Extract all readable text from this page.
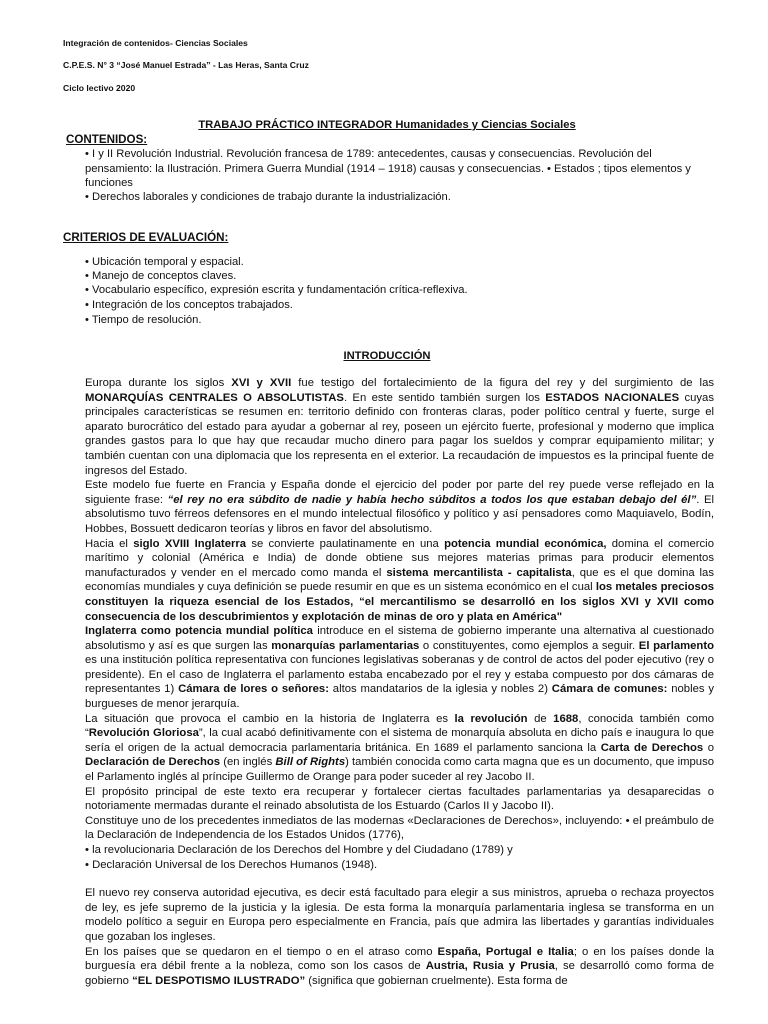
Integración de contenidos- Ciencias Sociales
C.P.E.S. N° 3 “José Manuel Estrada” - Las Heras, Santa Cruz
Ciclo lectivo 2020
TRABAJO PRÁCTICO INTEGRADOR Humanidades y Ciencias Sociales
CONTENIDOS:
• I y II Revolución Industrial. Revolución francesa de 1789: antecedentes, causas y consecuencias. Revolución del pensamiento: la Ilustración. Primera Guerra Mundial (1914 – 1918) causas y consecuencias. • Estados ; tipos elementos y funciones
• Derechos laborales y condiciones de trabajo durante la industrialización.
CRITERIOS DE EVALUACIÓN:
• Ubicación temporal y espacial.
• Manejo de conceptos claves.
• Vocabulario específico, expresión escrita y fundamentación crítica-reflexiva.
• Integración de los conceptos trabajados.
• Tiempo de resolución.
INTRODUCCIÓN

Europa durante los siglos XVI y XVII fue testigo del fortalecimiento de la figura del rey y del surgimiento de las MONARQUÍAS CENTRALES O ABSOLUTISTAS. En este sentido también surgen los ESTADOS NACIONALES cuyas principales características se resumen en: territorio definido con fronteras claras, poder político central y fuerte, surge el aparato burocrático del estado para ayudar a gobernar al rey, poseen un ejército fuerte, profesional y moderno que implica grandes gastos para lo que hay que recaudar mucho dinero para pagar los sueldos y comprar equipamiento militar; y también cuentan con una diplomacia que los representa en el exterior. La recaudación de impuestos es la principal fuente de ingresos del Estado.

Este modelo fue fuerte en Francia y España donde el ejercicio del poder por parte del rey puede verse reflejado en la siguiente frase: “el rey no era súbdito de nadie y había hecho súbditos a todos los que estaban debajo del él”. El absolutismo tuvo férreos defensores en el mundo intelectual filosófico y político y así pensadores como Maquiavelo, Bodín, Hobbes, Bossuett dedicaron teorías y libros en favor del absolutismo.

Hacia el siglo XVIII Inglaterra se convierte paulatinamente en una potencia mundial económica, domina el comercio marítimo y colonial (América e India) de donde obtiene sus mejores materias primas para producir elementos manufacturados y vender en el mercado como manda el sistema mercantilista - capitalista, que es el que domina las economías mundiales y cuya definición se puede resumir en que es un sistema económico en el cual los metales preciosos constituyen la riqueza esencial de los Estados, “el mercantilismo se desarrolló en los siglos XVI y XVII como consecuencia de los descubrimientos y explotación de minas de oro y plata en América"

Inglaterra como potencia mundial política introduce en el sistema de gobierno imperante una alternativa al cuestionado absolutismo y así es que surgen las monarquías parlamentarias o constituyentes, como ejemplos a seguir. El parlamento es una institución política representativa con funciones legislativas soberanas y de control de actos del poder ejecutivo (rey o presidente). En el caso de Inglaterra el parlamento estaba encabezado por el rey y estaba compuesto por dos cámaras de representantes 1) Cámara de lores o señores: altos mandatarios de la iglesia y nobles 2) Cámara de comunes: nobles y burgueses de menor jerarquía.

La situación que provoca el cambio en la historia de Inglaterra es la revolución de 1688, conocida también como “Revolución Gloriosa”, la cual acabó definitivamente con el sistema de monarquía absoluta en dicho país e inaugura lo que sería el origen de la actual democracia parlamentaria británica. En 1689 el parlamento sanciona la Carta de Derechos o Declaración de Derechos (en inglés Bill of Rights) también conocida como carta magna que es un documento, que impuso el Parlamento inglés al príncipe Guillermo de Orange para poder suceder al rey Jacobo II.

El propósito principal de este texto era recuperar y fortalecer ciertas facultades parlamentarias ya desaparecidas o notoriamente mermadas durante el reinado absolutista de los Estuardo (Carlos II y Jacobo II).

Constituye uno de los precedentes inmediatos de las modernas «Declaraciones de Derechos», incluyendo: • el preámbulo de la Declaración de Independencia de los Estados Unidos (1776),

• la revolucionaria Declaración de los Derechos del Hombre y del Ciudadano (1789) y

• Declaración Universal de los Derechos Humanos (1948).

El nuevo rey conserva autoridad ejecutiva, es decir está facultado para elegir a sus ministros, aprueba o rechaza proyectos de ley, es jefe supremo de la justicia y la iglesia. De esta forma la monarquía parlamentaria inglesa se transforma en un modelo político a seguir en Europa pero especialmente en Francia, país que admira las libertades y garantías individuales que gozaban los ingleses.

En los países que se quedaron en el tiempo o en el atraso como España, Portugal e Italia; o en los países donde la burguesía era débil frente a la nobleza, como son los casos de Austria, Rusia y Prusia, se desarrolló como forma de gobierno “EL DESPOTISMO ILUSTRADO” (significa que gobiernan cruelmente). Esta forma de
